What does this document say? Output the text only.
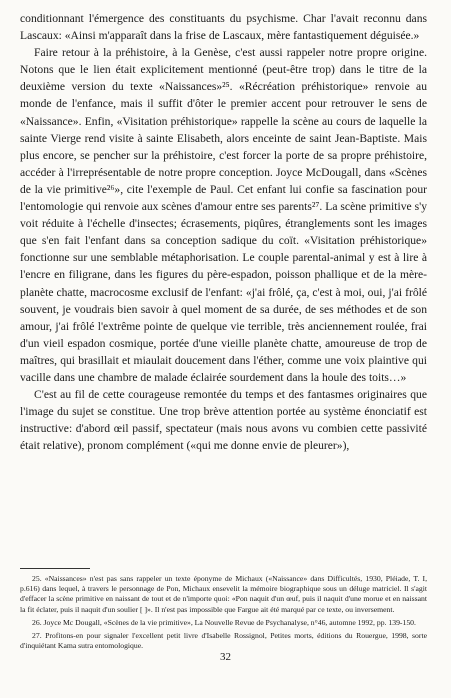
conditionnant l'émergence des constituants du psychisme. Char l'avait reconnu dans Lascaux: «Ainsi m'apparaît dans la frise de Lascaux, mère fantastiquement déguisée.»

Faire retour à la préhistoire, à la Genèse, c'est aussi rappeler notre propre origine. Notons que le lien était explicitement mentionné (peut-être trop) dans le titre de la deuxième version du texte «Naissances»²⁵. «Récréation préhistorique» renvoie au monde de l'enfance, mais il suffit d'ôter le premier accent pour retrouver le sens de «Naissance». Enfin, «Visitation préhistorique» rappelle la scène au cours de laquelle la sainte Vierge rend visite à sainte Elisabeth, alors enceinte de saint Jean-Baptiste. Mais plus encore, se pencher sur la préhistoire, c'est forcer la porte de sa propre préhistoire, accéder à l'irreprésentable de notre propre conception. Joyce McDougall, dans «Scènes de la vie primitive²⁶», cite l'exemple de Paul. Cet enfant lui confie sa fascination pour l'entomologie qui renvoie aux scènes d'amour entre ses parents²⁷. La scène primitive s'y voit réduite à l'échelle d'insectes; écrasements, piqûres, étranglements sont les images que s'en fait l'enfant dans sa conception sadique du coït. «Visitation préhistorique» fonctionne sur une semblable métaphorisation. Le couple parental-animal y est à lire à l'encre en filigrane, dans les figures du père-espadon, poisson phallique et de la mère-planète chatte, macrocosme exclusif de l'enfant: «j'ai frôlé, ça, c'est à moi, oui, j'ai frôlé souvent, je voudrais bien savoir à quel moment de sa durée, de ses méthodes et de son amour, j'ai frôlé l'extrême pointe de quelque vie terrible, très anciennement roulée, frai d'un vieil espadon cosmique, portée d'une vieille planète chatte, amoureuse de trop de maîtres, qui brasillait et miaulait doucement dans l'éther, comme une voix plaintive qui vacille dans une chambre de malade éclairée sourdement dans la houle des toits…»

C'est au fil de cette courageuse remontée du temps et des fantasmes originaires que l'image du sujet se constitue. Une trop brève attention portée au système énonciatif est instructive: d'abord œil passif, spectateur (mais nous avons vu combien cette passivité était relative), pronom complément («qui me donne envie de pleurer»),

25. «Naissances» n'est pas sans rappeler un texte éponyme de Michaux («Naissance» dans Difficultés, 1930, Pléiade, T. I, p.616) dans lequel, à travers le personnage de Pon, Michaux ensevelit la mémoire biographique sous un déluge matriciel. Il s'agit d'effacer la scène primitive en naissant de tout et de n'importe quoi: «Pon naquit d'un œuf, puis il naquit d'une morue et en naissant la fit éclater, puis il naquit d'un soulier [ ]». Il n'est pas impossible que Fargue ait été marqué par ce texte, ou inversement.

26. Joyce Mc Dougall, «Scènes de la vie primitive», La Nouvelle Revue de Psychanalyse, n°46, automne 1992, pp. 139-150.

27. Profitons-en pour signaler l'excellent petit livre d'Isabelle Rossignol, Petites morts, éditions du Rouergue, 1998, sorte d'inquiétant Kama sutra entomologique.

32
